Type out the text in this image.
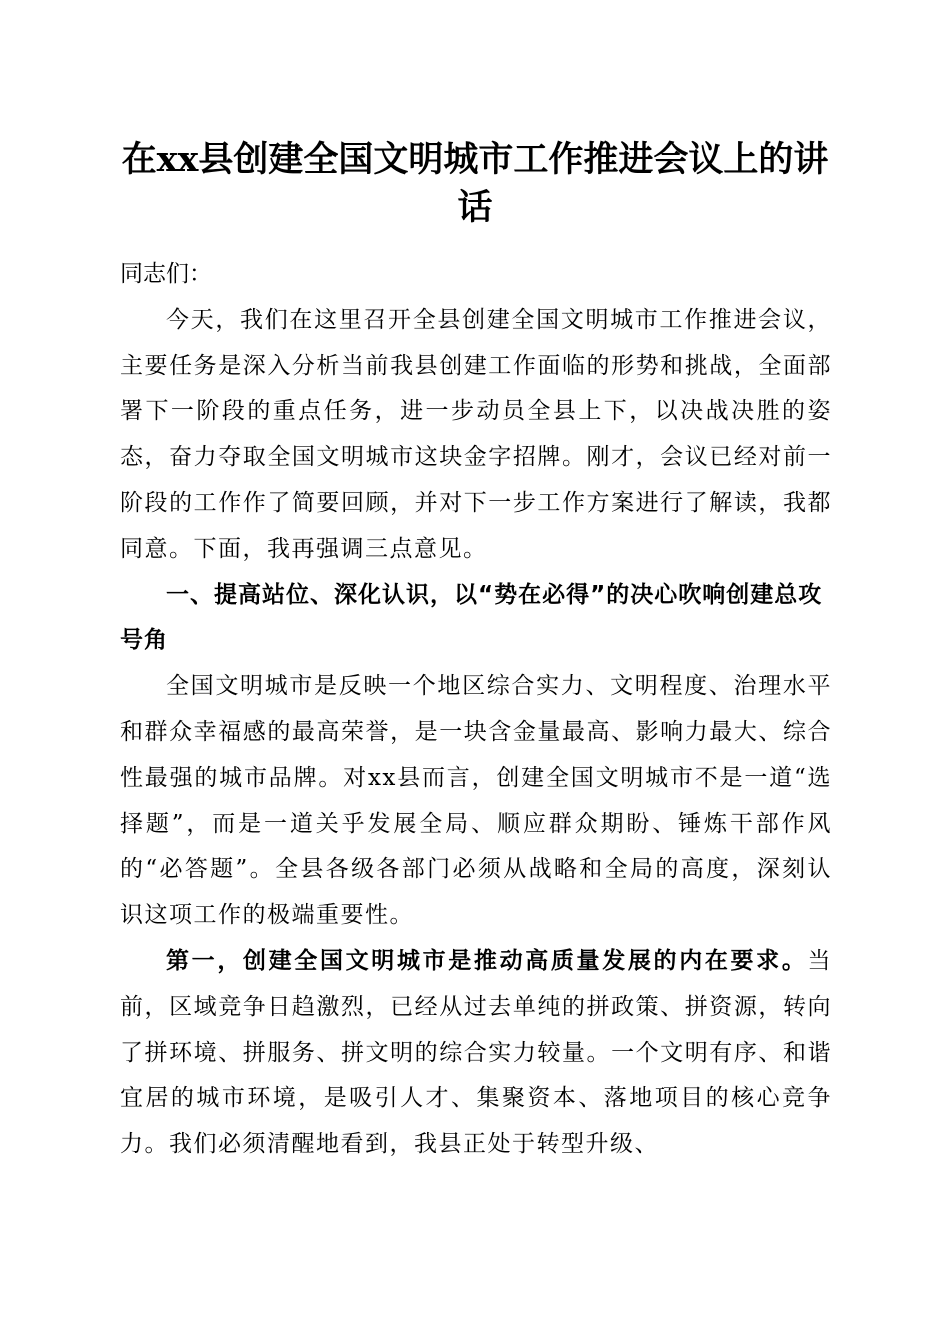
在xx县创建全国文明城市工作推进会议上的讲话

同志们：

今天，我们在这里召开全县创建全国文明城市工作推进会议，主要任务是深入分析当前我县创建工作面临的形势和挑战，全面部署下一阶段的重点任务，进一步动员全县上下，以决战决胜的姿态，奋力夺取全国文明城市这块金字招牌。刚才，会议已经对前一阶段的工作作了简要回顾，并对下一步工作方案进行了解读，我都同意。下面，我再强调三点意见。

一、提高站位、深化认识，以“势在必得”的决心吹响创建总攻号角

全国文明城市是反映一个地区综合实力、文明程度、治理水平和群众幸福感的最高荣誉，是一块含金量最高、影响力最大、综合性最强的城市品牌。对xx县而言，创建全国文明城市不是一道“选择题”，而是一道关乎发展全局、顺应群众期盼、锤炼干部作风的“必答题”。全县各级各部门必须从战略和全局的高度，深刻认识这项工作的极端重要性。

第一，创建全国文明城市是推动高质量发展的内在要求。当前，区域竞争日趋激烈，已经从过去单纯的拼政策、拼资源，转向了拼环境、拼服务、拼文明的综合实力较量。一个文明有序、和谐宜居的城市环境，是吸引人才、集聚资本、落地项目的核心竞争力。我们必须清醒地看到，我县正处于转型升级、
